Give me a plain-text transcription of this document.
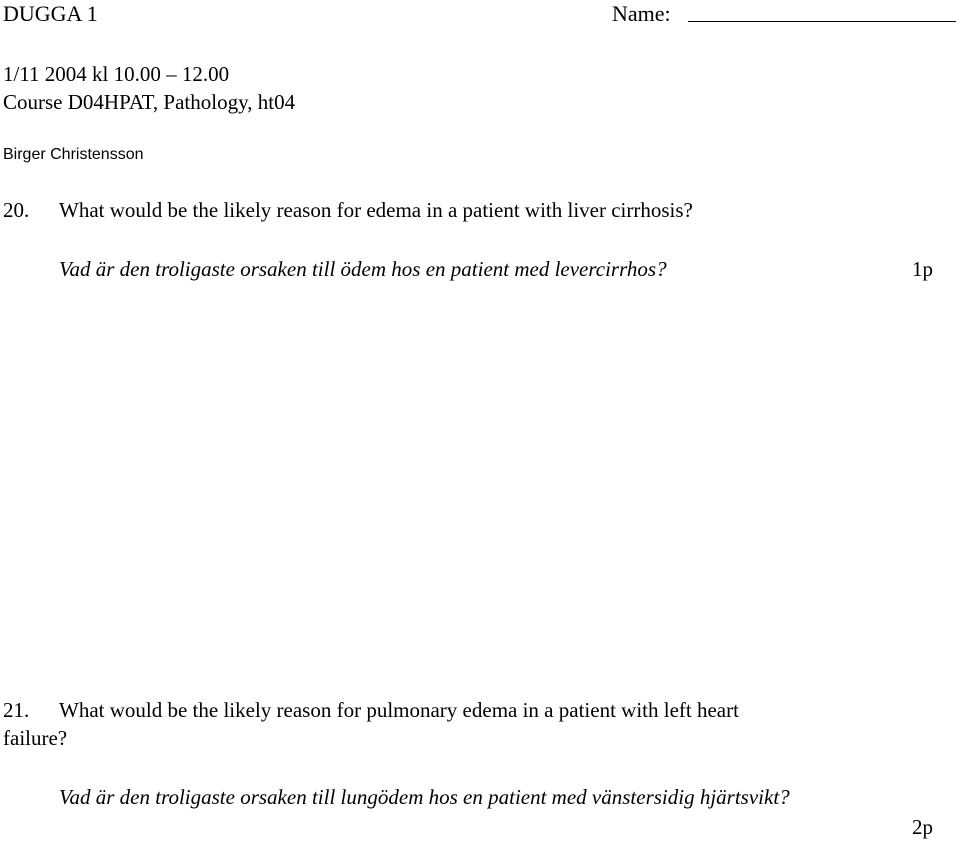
DUGGA 1	Name:
1/11 2004 kl 10.00 – 12.00
Course D04HPAT, Pathology, ht04
Birger Christensson
20. What would be the likely reason for edema in a patient with liver cirrhosis?
Vad är den troligaste orsaken till ödem hos en patient med levercirrhos?	1p
21. What would be the likely reason for pulmonary edema in a patient with left heart
failure?
Vad är den troligaste orsaken till lungödem hos en patient med vänstersidig hjärtsvikt?
2p
